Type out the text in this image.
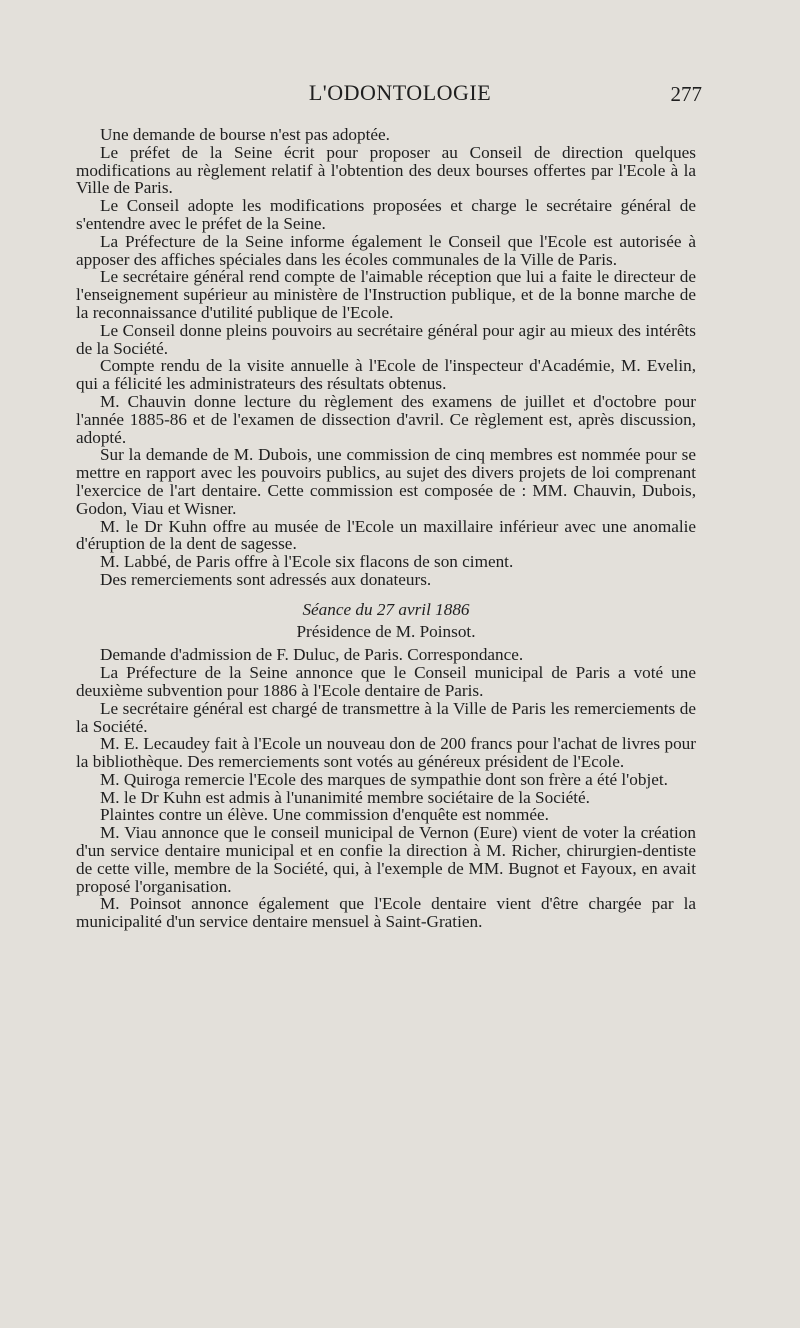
L'ODONTOLOGIE	277

Une demande de bourse n'est pas adoptée.

Le préfet de la Seine écrit pour proposer au Conseil de direction quelques modifications au règlement relatif à l'obtention des deux bourses offertes par l'Ecole à la Ville de Paris.

Le Conseil adopte les modifications proposées et charge le secrétaire général de s'entendre avec le préfet de la Seine.

La Préfecture de la Seine informe également le Conseil que l'Ecole est autorisée à apposer des affiches spéciales dans les écoles communales de la Ville de Paris.

Le secrétaire général rend compte de l'aimable réception que lui a faite le directeur de l'enseignement supérieur au ministère de l'Instruction publique, et de la bonne marche de la reconnaissance d'utilité publique de l'Ecole.

Le Conseil donne pleins pouvoirs au secrétaire général pour agir au mieux des intérêts de la Société.

Compte rendu de la visite annuelle à l'Ecole de l'inspecteur d'Académie, M. Evelin, qui a félicité les administrateurs des résultats obtenus.

M. Chauvin donne lecture du règlement des examens de juillet et d'octobre pour l'année 1885-86 et de l'examen de dissection d'avril. Ce règlement est, après discussion, adopté.

Sur la demande de M. Dubois, une commission de cinq membres est nommée pour se mettre en rapport avec les pouvoirs publics, au sujet des divers projets de loi comprenant l'exercice de l'art dentaire. Cette commission est composée de : MM. Chauvin, Dubois, Godon, Viau et Wisner.

M. le Dr Kuhn offre au musée de l'Ecole un maxillaire inférieur avec une anomalie d'éruption de la dent de sagesse.

M. Labbé, de Paris offre à l'Ecole six flacons de son ciment.

Des remerciements sont adressés aux donateurs.

Séance du 27 avril 1886

Présidence de M. Poinsot.

Demande d'admission de F. Duluc, de Paris. Correspondance.

La Préfecture de la Seine annonce que le Conseil municipal de Paris a voté une deuxième subvention pour 1886 à l'Ecole dentaire de Paris.

Le secrétaire général est chargé de transmettre à la Ville de Paris les remerciements de la Société.

M. E. Lecaudey fait à l'Ecole un nouveau don de 200 francs pour l'achat de livres pour la bibliothèque. Des remerciements sont votés au généreux président de l'Ecole.

M. Quiroga remercie l'Ecole des marques de sympathie dont son frère a été l'objet.

M. le Dr Kuhn est admis à l'unanimité membre sociétaire de la Société.

Plaintes contre un élève. Une commission d'enquête est nommée.

M. Viau annonce que le conseil municipal de Vernon (Eure) vient de voter la création d'un service dentaire municipal et en confie la direction à M. Richer, chirurgien-dentiste de cette ville, membre de la Société, qui, à l'exemple de MM. Bugnot et Fayoux, en avait proposé l'organisation.

M. Poinsot annonce également que l'Ecole dentaire vient d'être chargée par la municipalité d'un service dentaire mensuel à Saint-Gratien.
